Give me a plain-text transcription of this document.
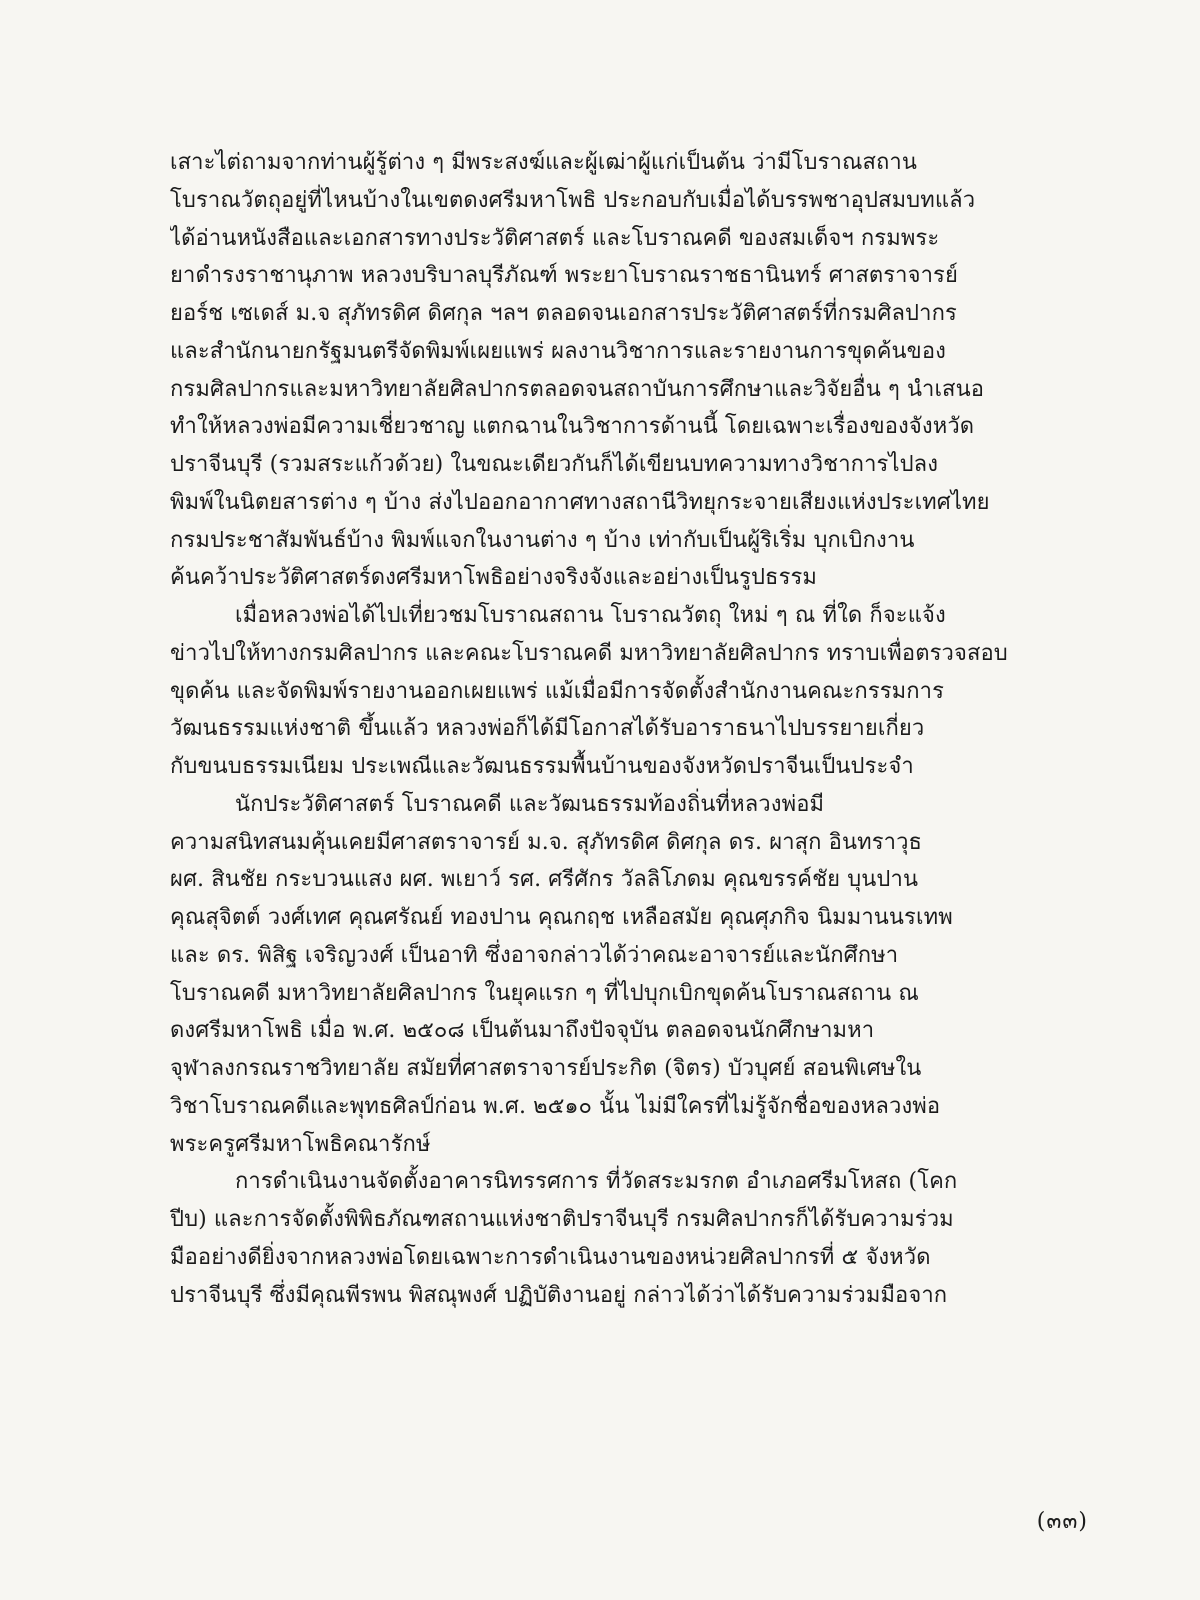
เสาะไต่ถามจากท่านผู้รู้ต่าง ๆ มีพระสงฆ์และผู้เฒ่าผู้แก่เป็นต้น ว่ามีโบราณสถาน
โบราณวัตถุอยู่ที่ไหนบ้างในเขตดงศรีมหาโพธิ ประกอบกับเมื่อได้บรรพชาอุปสมบทแล้ว
ได้อ่านหนังสือและเอกสารทางประวัติศาสตร์ และโบราณคดี ของสมเด็จฯ กรมพระ
ยาดำรงราชานุภาพ หลวงบริบาลบุรีภัณฑ์ พระยาโบราณราชธานินทร์ ศาสตราจารย์
ยอร์ช เซเดส์ ม.จ สุภัทรดิศ ดิศกุล ฯลฯ ตลอดจนเอกสารประวัติศาสตร์ที่กรมศิลปากร
และสำนักนายกรัฐมนตรีจัดพิมพ์เผยแพร่ ผลงานวิชาการและรายงานการขุดค้นของ
กรมศิลปากรและมหาวิทยาลัยศิลปากรตลอดจนสถาบันการศึกษาและวิจัยอื่น ๆ นำเสนอ
ทำให้หลวงพ่อมีความเชี่ยวชาญ แตกฉานในวิชาการด้านนี้ โดยเฉพาะเรื่องของจังหวัด
ปราจีนบุรี (รวมสระแก้วด้วย) ในขณะเดียวกันก็ได้เขียนบทความทางวิชาการไปลง
พิมพ์ในนิตยสารต่าง ๆ บ้าง ส่งไปออกอากาศทางสถานีวิทยุกระจายเสียงแห่งประเทศไทย
กรมประชาสัมพันธ์บ้าง พิมพ์แจกในงานต่าง ๆ บ้าง เท่ากับเป็นผู้ริเริ่ม บุกเบิกงาน
ค้นคว้าประวัติศาสตร์ดงศรีมหาโพธิอย่างจริงจังและอย่างเป็นรูปธรรม
เมื่อหลวงพ่อได้ไปเที่ยวชมโบราณสถาน โบราณวัตถุ ใหม่ ๆ ณ ที่ใด ก็จะแจ้ง
ข่าวไปให้ทางกรมศิลปากร และคณะโบราณคดี มหาวิทยาลัยศิลปากร ทราบเพื่อตรวจสอบ
ขุดค้น และจัดพิมพ์รายงานออกเผยแพร่ แม้เมื่อมีการจัดตั้งสำนักงานคณะกรรมการ
วัฒนธรรมแห่งชาติ ขึ้นแล้ว หลวงพ่อก็ได้มีโอกาสได้รับอาราธนาไปบรรยายเกี่ยว
กับขนบธรรมเนียม ประเพณีและวัฒนธรรมพื้นบ้านของจังหวัดปราจีนเป็นประจำ
นักประวัติศาสตร์ โบราณคดี และวัฒนธรรมท้องถิ่นที่หลวงพ่อมี
ความสนิทสนมคุ้นเคยมีศาสตราจารย์ ม.จ. สุภัทรดิศ ดิศกุล ดร. ผาสุก อินทราวุธ
ผศ. สินชัย กระบวนแสง ผศ. พเยาว์ รศ. ศรีศักร วัลลิโภดม คุณขรรค์ชัย บุนปาน
คุณสุจิตต์ วงศ์เทศ คุณศรัณย์ ทองปาน คุณกฤช เหลือสมัย คุณศุภกิจ นิมมานนรเทพ
และ ดร. พิสิฐ เจริญวงศ์ เป็นอาทิ ซึ่งอาจกล่าวได้ว่าคณะอาจารย์และนักศึกษา
โบราณคดี มหาวิทยาลัยศิลปากร ในยุคแรก ๆ ที่ไปบุกเบิกขุดค้นโบราณสถาน ณ
ดงศรีมหาโพธิ เมื่อ พ.ศ. ๒๕๐๘ เป็นต้นมาถึงปัจจุบัน ตลอดจนนักศึกษามหา
จุฬาลงกรณราชวิทยาลัย สมัยที่ศาสตราจารย์ประกิต (จิตร) บัวบุศย์ สอนพิเศษใน
วิชาโบราณคดีและพุทธศิลป์ก่อน พ.ศ. ๒๕๑๐ นั้น ไม่มีใครที่ไม่รู้จักชื่อของหลวงพ่อ
พระครูศรีมหาโพธิคณารักษ์
การดำเนินงานจัดตั้งอาคารนิทรรศการ ที่วัดสระมรกต อำเภอศรีมโหสถ (โคก
ปีบ) และการจัดตั้งพิพิธภัณฑสถานแห่งชาติปราจีนบุรี กรมศิลปากรก็ได้รับความร่วม
มืออย่างดียิ่งจากหลวงพ่อโดยเฉพาะการดำเนินงานของหน่วยศิลปากรที่ ๕ จังหวัด
ปราจีนบุรี ซึ่งมีคุณพีรพน พิสณุพงศ์ ปฏิบัติงานอยู่ กล่าวได้ว่าได้รับความร่วมมือจาก
(๓๓)
